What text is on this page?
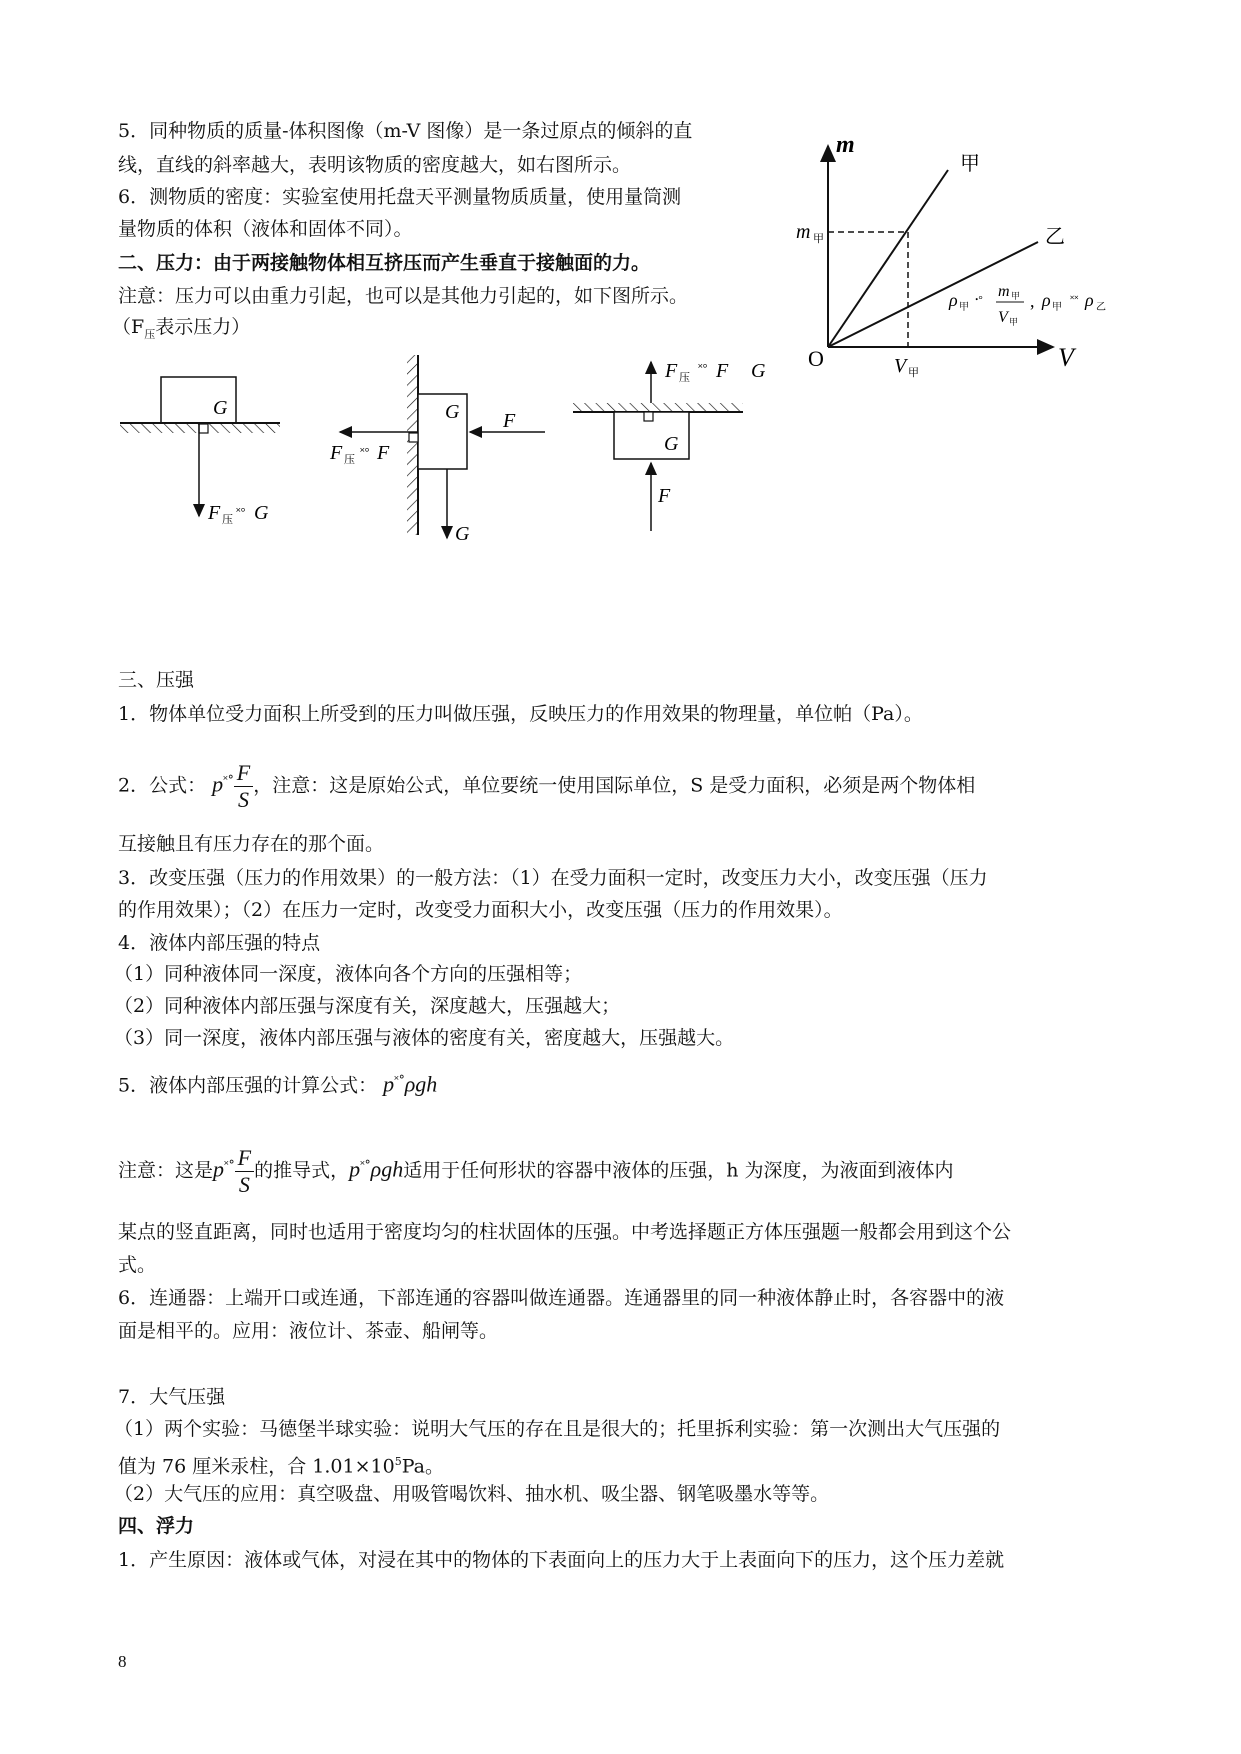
5．同种物质的质量-体积图像（m-V 图像）是一条过原点的倾斜的直
线，直线的斜率越大，表明该物质的密度越大，如右图所示。
6．测物质的密度：实验室使用托盘天平测量物质质量，使用量筒测
量物质的体积（液体和固体不同）。
二、压力：由于两接触物体相互挤压而产生垂直于接触面的力。
注意：压力可以由重力引起，也可以是其他力引起的，如下图所示。
（$F_压$表示压力）
m
V
O
甲
乙
m 甲
V 甲
ρ 甲
ꞏ° m 甲
V 甲
, ρ 甲
˟˟ ρ 乙
G
F 压
˟° G
G F
G
F 压
˟° F
F 压
˟° F G
G
F
三、压强
1．物体单位受力面积上所受到的压力叫做压强，反映压力的作用效果的物理量，单位帕（Pa）。
2．公式： $p^{˟^\circ} \frac{F}{S}$ ，注意：这是原始公式，单位要统一使用国际单位，S 是受力面积，必须是两个物体相
互接触且有压力存在的那个面。
3．改变压强（压力的作用效果）的一般方法：（1）在受力面积一定时，改变压力大小，改变压强（压力
的作用效果）；（2）在压力一定时，改变受力面积大小，改变压强（压力的作用效果）。
4．液体内部压强的特点
（1）同种液体同一深度，液体向各个方向的压强相等；
（2）同种液体内部压强与深度有关，深度越大，压强越大；
（3）同一深度，液体内部压强与液体的密度有关，密度越大，压强越大。
5．液体内部压强的计算公式： p˟°ρgh
注意：这是$p^{˟^\circ} \frac{F}{S}$ 的推导式，p˟°ρgh适用于任何形状的容器中液体的压强，h 为深度，为液面到液体内
某点的竖直距离，同时也适用于密度均匀的柱状固体的压强。中考选择题正方体压强题一般都会用到这个公
式。
6．连通器：上端开口或连通，下部连通的容器叫做连通器。连通器里的同一种液体静止时，各容器中的液
面是相平的。应用：液位计、茶壶、船闸等。
7．大气压强
（1）两个实验：马德堡半球实验：说明大气压的存在且是很大的；托里拆利实验：第一次测出大气压强的
值为 76 厘米汞柱，合 $1.01\times 10^5Pa$。
（2）大气压的应用：真空吸盘、用吸管喝饮料、抽水机、吸尘器、钢笔吸墨水等等。
四、浮力
1．产生原因：液体或气体，对浸在其中的物体的下表面向上的压力大于上表面向下的压力，这个压力差就
8
